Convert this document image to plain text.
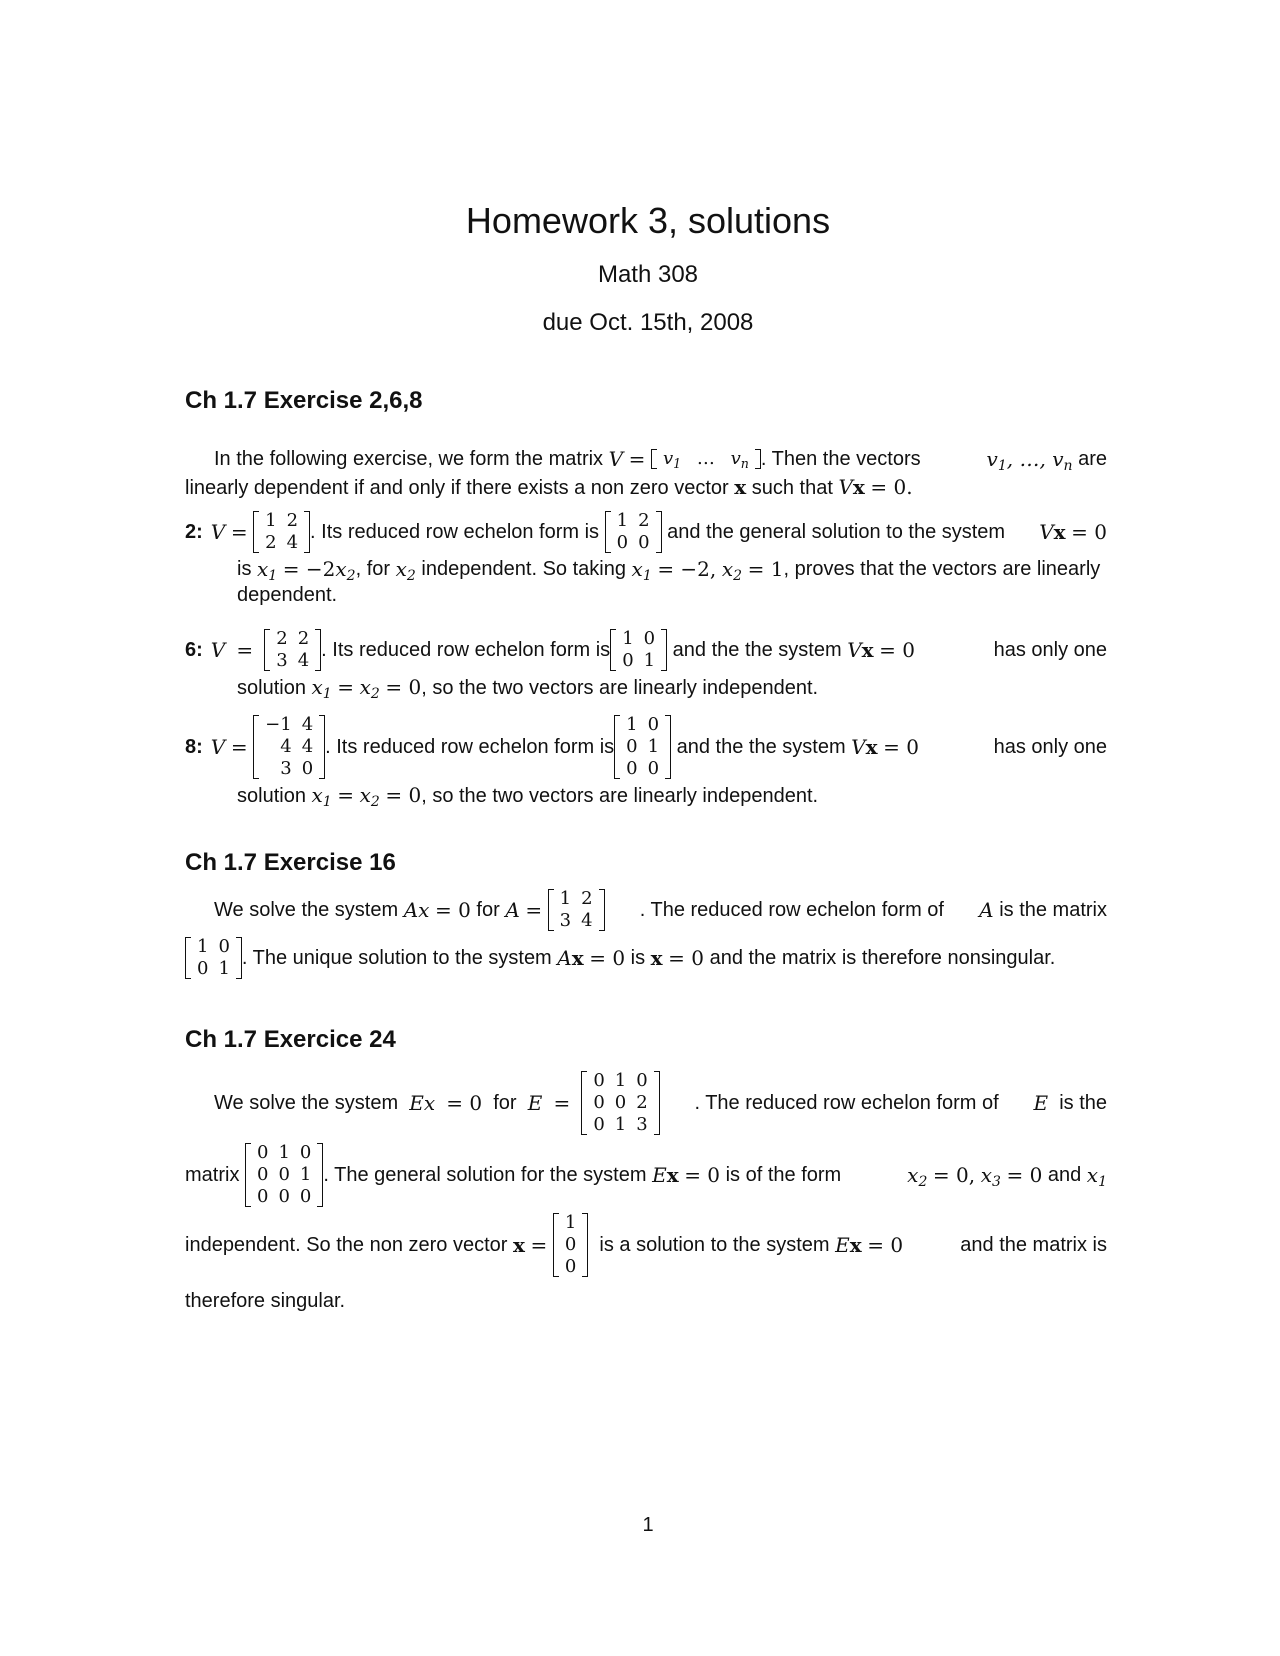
Homework 3, solutions
Math 308
due Oct. 15th, 2008
Ch 1.7 Exercise 2,6,8
In the following exercise, we form the matrix
V
=
$v_1$	…	$v_n$ . Then the vectors
	$v_1$, …, $v_n$
are
linearly dependent if and only if there exists a non zero vector x such that Vx = 0.
2: V
=
1	2
2	4 . Its reduced row echelon form is

1	2
0	0
and the general solution to the system V x
= 0
is
$x_1$
= −2 $x_2$ , for
$x_2$
independent. So taking
$x_1$
= −2,
$x_2$
= 1 , proves that the vectors are linearly
dependent.
6: V
=
2	2
3	4 . Its reduced row echelon form is
1	0
0	1
and the the system
V x
= 0
	has only one
solution $x_1 = x_2 = 0$, so the two vectors are linearly independent.
8: V
=

−1	4
4	4
3	0
. Its reduced row echelon form is
1	0
0	1
0	0

and the the system
V x
= 0
	has only one
solution $x_1 = x_2 = 0$, so the two vectors are linearly independent.
Ch 1.7 Exercise 16
We solve the system
Ax
= 0
for
A
=
1	2
3	4	. The reduced row echelon form of	A
is the matrix
1	0
0	1 . The unique solution to the system
A x
= 0
is
x
= 0
and the matrix is therefore nonsingular.
Ch 1.7 Exercice 24
We solve the system
Ex
= 0
for
E
=

0	1	0
0	0	2
0	1	3
. The reduced row echelon form of	E
is the
matrix

0	1	0
0	0	1
0	0	0
. The general solution for the system
E x
= 0
is of the form	$x_2$
= 0,
$x_3$
= 0
and
$x_1$
independent. So the non zero vector
x
=

1
0
0

is a solution to the system
E x
= 0
	and the matrix is
therefore singular.
1
